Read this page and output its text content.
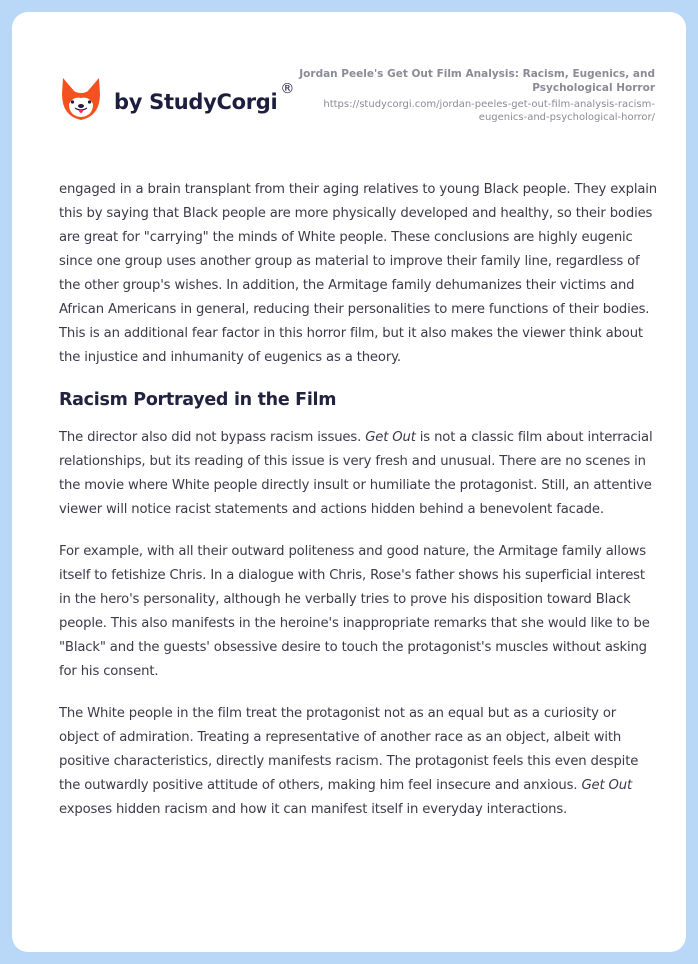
by StudyCorgi
®
Jordan Peele's Get Out Film Analysis: Racism, Eugenics, and Psychological Horror
https://studycorgi.com/jordan-peeles-get-out-film-analysis-racism-eugenics-and-psychological-horror/

engaged in a brain transplant from their aging relatives to young Black people. They explain this by saying that Black people are more physically developed and healthy, so their bodies are great for "carrying" the minds of White people. These conclusions are highly eugenic since one group uses another group as material to improve their family line, regardless of the other group's wishes. In addition, the Armitage family dehumanizes their victims and African Americans in general, reducing their personalities to mere functions of their bodies. This is an additional fear factor in this horror film, but it also makes the viewer think about the injustice and inhumanity of eugenics as a theory.

Racism Portrayed in the Film

The director also did not bypass racism issues. Get Out is not a classic film about interracial relationships, but its reading of this issue is very fresh and unusual. There are no scenes in the movie where White people directly insult or humiliate the protagonist. Still, an attentive viewer will notice racist statements and actions hidden behind a benevolent facade.

For example, with all their outward politeness and good nature, the Armitage family allows itself to fetishize Chris. In a dialogue with Chris, Rose's father shows his superficial interest in the hero's personality, although he verbally tries to prove his disposition toward Black people. This also manifests in the heroine's inappropriate remarks that she would like to be "Black" and the guests' obsessive desire to touch the protagonist's muscles without asking for his consent.

The White people in the film treat the protagonist not as an equal but as a curiosity or object of admiration. Treating a representative of another race as an object, albeit with positive characteristics, directly manifests racism. The protagonist feels this even despite the outwardly positive attitude of others, making him feel insecure and anxious. Get Out exposes hidden racism and how it can manifest itself in everyday interactions.
